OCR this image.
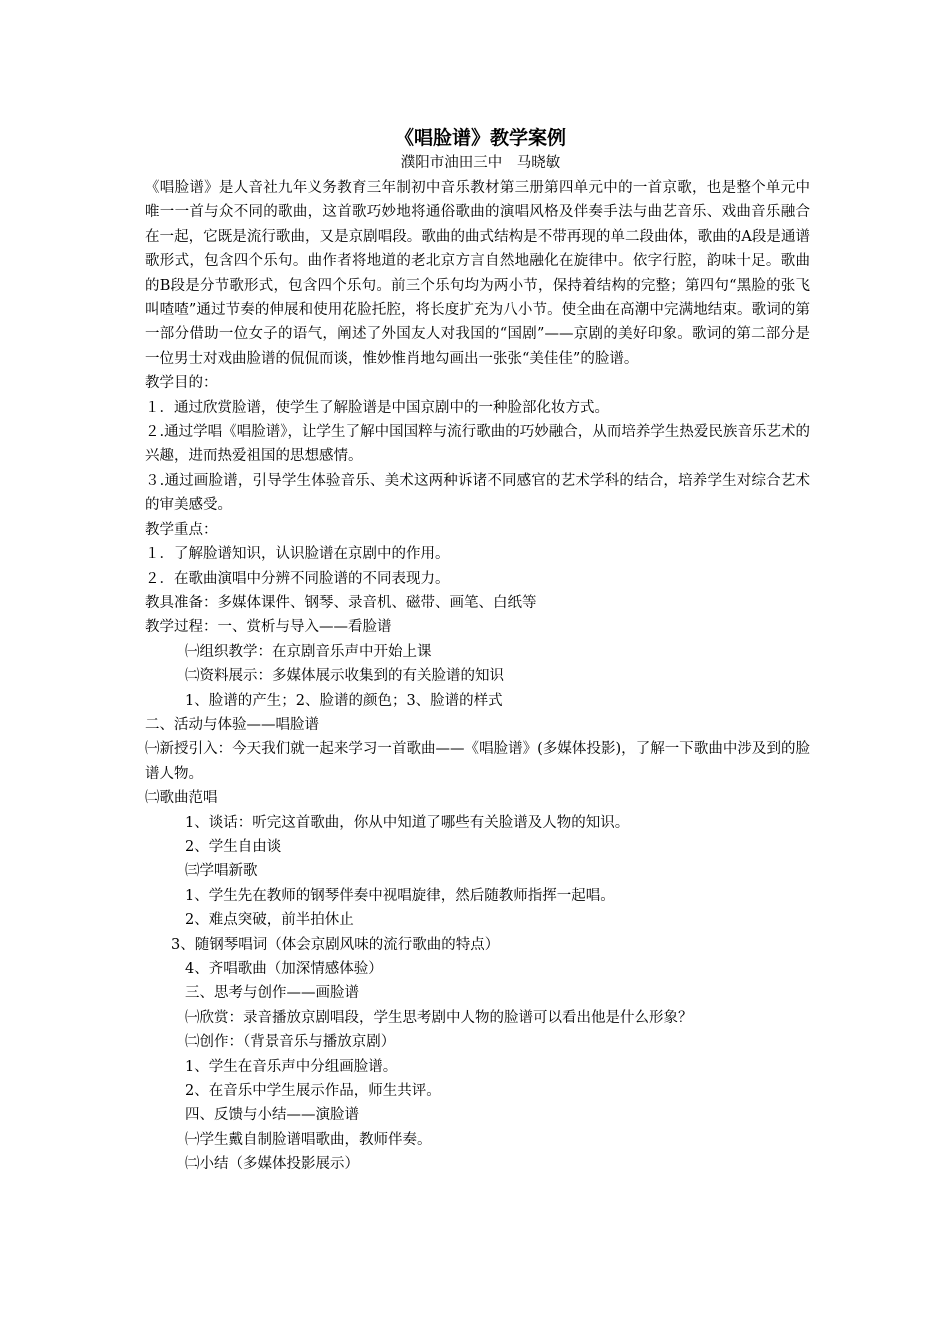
《唱脸谱》教学案例

濮阳市油田三中　马晓敏

《唱脸谱》是人音社九年义务教育三年制初中音乐教材第三册第四单元中的一首京歌，也是整个单元中唯一一首与众不同的歌曲，这首歌巧妙地将通俗歌曲的演唱风格及伴奏手法与曲艺音乐、戏曲音乐融合在一起，它既是流行歌曲，又是京剧唱段。歌曲的曲式结构是不带再现的单二段曲体，歌曲的A段是通谱歌形式，包含四个乐句。曲作者将地道的老北京方言自然地融化在旋律中。依字行腔，韵味十足。歌曲的B段是分节歌形式，包含四个乐句。前三个乐句均为两小节，保持着结构的完整；第四句“黑脸的张飞叫喳喳”通过节奏的伸展和使用花脸托腔，将长度扩充为八小节。使全曲在高潮中完满地结束。歌词的第一部分借助一位女子的语气，阐述了外国友人对我国的“国剧”——京剧的美好印象。歌词的第二部分是一位男士对戏曲脸谱的侃侃而谈，惟妙惟肖地勾画出一张张“美佳佳”的脸谱。

教学目的：

１．通过欣赏脸谱，使学生了解脸谱是中国京剧中的一种脸部化妆方式。

２.通过学唱《唱脸谱》，让学生了解中国国粹与流行歌曲的巧妙融合，从而培养学生热爱民族音乐艺术的兴趣，进而热爱祖国的思想感情。

３.通过画脸谱，引导学生体验音乐、美术这两种诉诸不同感官的艺术学科的结合，培养学生对综合艺术的审美感受。

教学重点：

１．了解脸谱知识，认识脸谱在京剧中的作用。

２．在歌曲演唱中分辨不同脸谱的不同表现力。

教具准备：多媒体课件、钢琴、录音机、磁带、画笔、白纸等

教学过程：一、赏析与导入——看脸谱

㈠组织教学：在京剧音乐声中开始上课

㈡资料展示：多媒体展示收集到的有关脸谱的知识

1、脸谱的产生；2、脸谱的颜色；3、脸谱的样式

二、活动与体验——唱脸谱

㈠新授引入：今天我们就一起来学习一首歌曲——《唱脸谱》(多媒体投影)，了解一下歌曲中涉及到的脸谱人物。

㈡歌曲范唱

1、谈话：听完这首歌曲，你从中知道了哪些有关脸谱及人物的知识。

2、学生自由谈

㈢学唱新歌

1、学生先在教师的钢琴伴奏中视唱旋律，然后随教师指挥一起唱。

2、难点突破，前半拍休止

3、随钢琴唱词（体会京剧风味的流行歌曲的特点）

4、齐唱歌曲（加深情感体验）

三、思考与创作——画脸谱

㈠欣赏：录音播放京剧唱段，学生思考剧中人物的脸谱可以看出他是什么形象？

㈡创作：（背景音乐与播放京剧）

1、学生在音乐声中分组画脸谱。

2、在音乐中学生展示作品，师生共评。

四、反馈与小结——演脸谱

㈠学生戴自制脸谱唱歌曲，教师伴奏。

㈡小结（多媒体投影展示）
